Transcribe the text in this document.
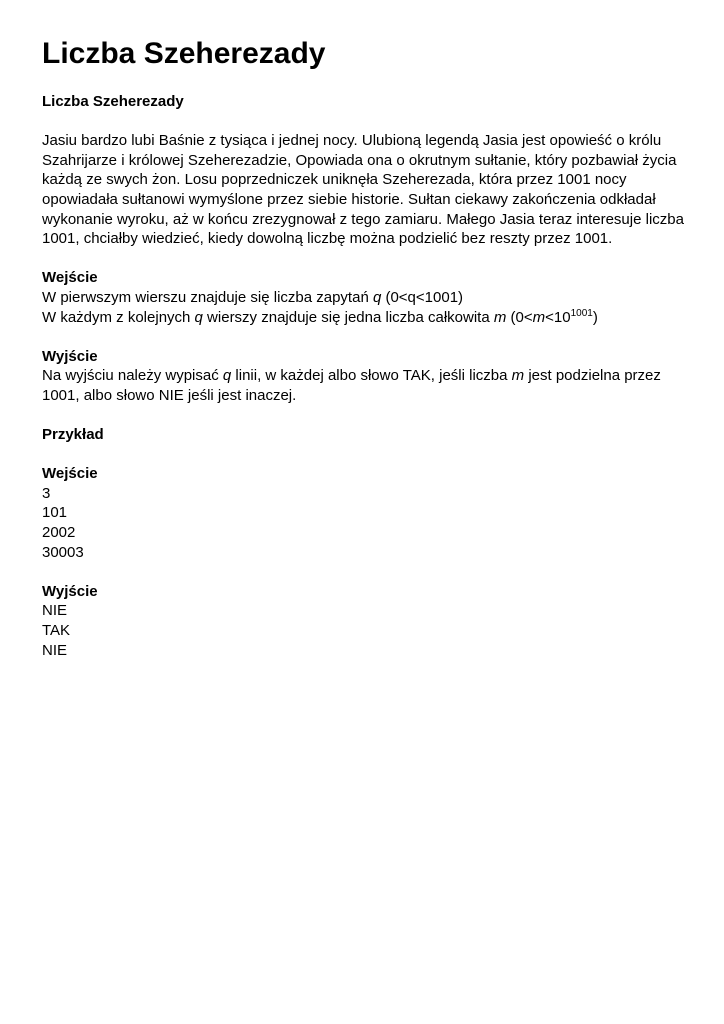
Liczba Szeherezady
Liczba Szeherezady
Jasiu bardzo lubi Baśnie z tysiąca i jednej nocy. Ulubioną legendą Jasia jest opowieść o królu
Szahrijarze i królowej Szeherezadzie, Opowiada ona o okrutnym sułtanie, który pozbawiał życia
każdą ze swych żon. Losu poprzedniczek uniknęła Szeherezada, która przez 1001 nocy
opowiadała sułtanowi wymyślone przez siebie historie. Sułtan ciekawy zakończenia odkładał
wykonanie wyroku, aż w końcu zrezygnował z tego zamiaru. Małego Jasia teraz interesuje liczba
1001, chciałby wiedzieć, kiedy dowolną liczbę można podzielić bez reszty przez 1001.
Wejście
W pierwszym wierszu znajduje się liczba zapytań q (0<q<1001)
W każdym z kolejnych q wierszy znajduje się jedna liczba całkowita m $(0<m<10^{1001})$
Wyjście
Na wyjściu należy wypisać q linii, w każdej albo słowo TAK, jeśli liczba m jest podzielna przez
1001, albo słowo NIE jeśli jest inaczej.
Przykład
Wejście
3
101
2002
30003
Wyjście
NIE
TAK
NIE
